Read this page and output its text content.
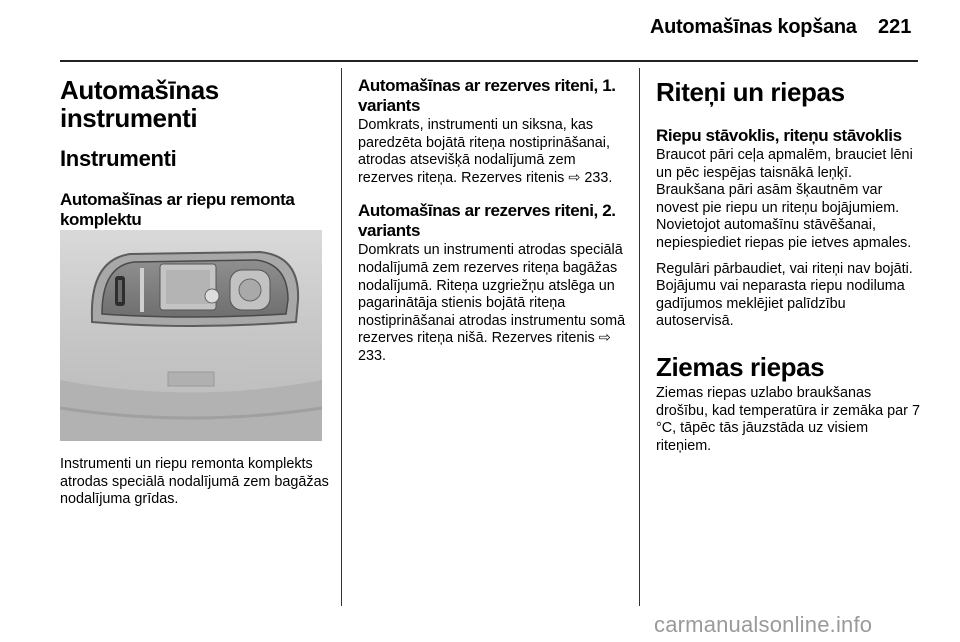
Automašīnas kopšana 221
Automašīnas instrumenti
Instrumenti
Automašīnas ar riepu remonta komplektu

Instrumenti un riepu remonta komplekts atrodas speciālā nodalījumā zem bagāžas nodalījuma grīdas.

Automašīnas ar rezerves riteni, 1. variants

Domkrats, instrumenti un siksna, kas paredzēta bojātā riteņa nostiprināšanai, atrodas atsevišķā nodalījumā zem rezerves riteņa. Rezerves ritenis ⇨ 233.

Automašīnas ar rezerves riteni, 2. variants

Domkrats un instrumenti atrodas speciālā nodalījumā zem rezerves riteņa bagāžas nodalījumā. Riteņa uzgriežņu atslēga un pagarinātāja stienis bojātā riteņa nostiprināšanai atrodas instrumentu somā rezerves riteņa nišā. Rezerves ritenis ⇨ 233.

Riteņi un riepas
Riepu stāvoklis, riteņu stāvoklis

Braucot pāri ceļa apmalēm, brauciet lēni un pēc iespējas taisnākā leņķī. Braukšana pāri asām šķautnēm var novest pie riepu un riteņu bojājumiem. Novietojot automašīnu stāvēšanai, nepiespiediet riepas pie ietves apmales.

Regulāri pārbaudiet, vai riteņi nav bojāti. Bojājumu vai neparasta riepu nodiluma gadījumos meklējiet palīdzību autoservisā.

Ziemas riepas

Ziemas riepas uzlabo braukšanas drošību, kad temperatūra ir zemāka par 7 °C, tāpēc tās jāuzstāda uz visiem riteņiem.

carmanualsonline.info
